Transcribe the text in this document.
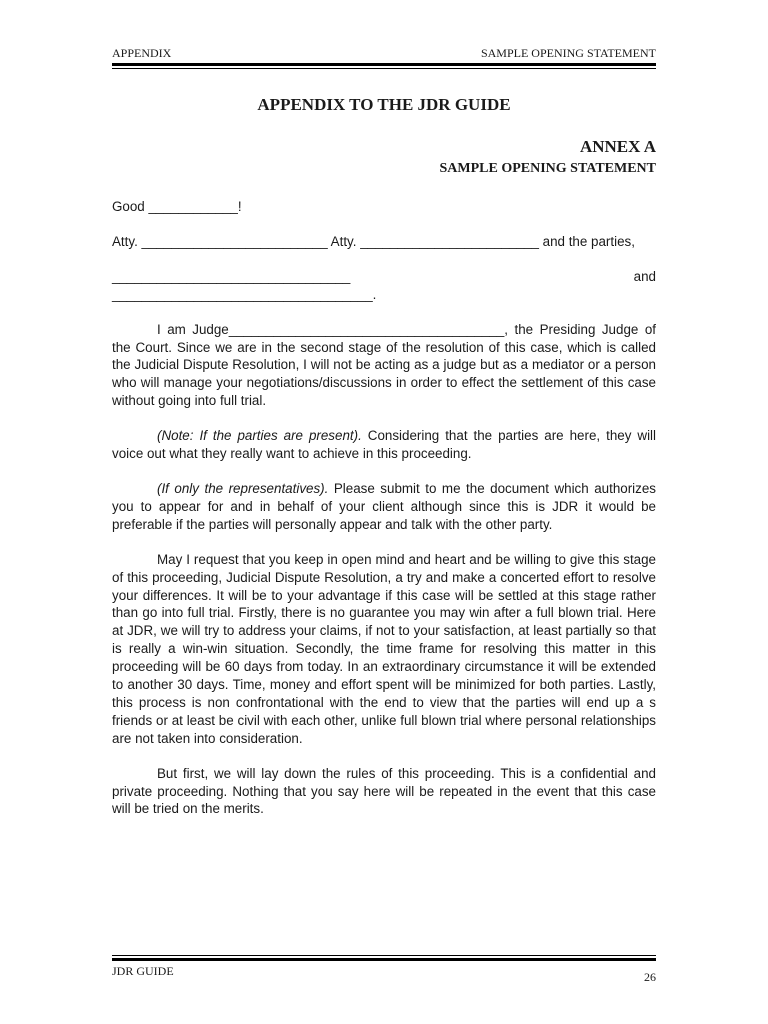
APPENDIX	SAMPLE OPENING STATEMENT
APPENDIX TO THE JDR GUIDE
ANNEX A
SAMPLE OPENING STATEMENT

Good ____________!

Atty. _________________________ Atty. ________________________ and the parties,

________________________________	and

___________________________________.

I am Judge_____________________________________, the Presiding Judge of the Court. Since we are in the second stage of the resolution of this case, which is called the Judicial Dispute Resolution, I will not be acting as a judge but as a mediator or a person who will manage your negotiations/discussions in order to effect the settlement of this case without going into full trial.

(Note: If the parties are present). Considering that the parties are here, they will voice out what they really want to achieve in this proceeding.

(If only the representatives). Please submit to me the document which authorizes you to appear for and in behalf of your client although since this is JDR it would be preferable if the parties will personally appear and talk with the other party.

May I request that you keep in open mind and heart and be willing to give this stage of this proceeding, Judicial Dispute Resolution, a try and make a concerted effort to resolve your differences. It will be to your advantage if this case will be settled at this stage rather than go into full trial. Firstly, there is no guarantee you may win after a full blown trial. Here at JDR, we will try to address your claims, if not to your satisfaction, at least partially so that is really a win-win situation. Secondly, the time frame for resolving this matter in this proceeding will be 60 days from today. In an extraordinary circumstance it will be extended to another 30 days. Time, money and effort spent will be minimized for both parties. Lastly, this process is non confrontational with the end to view that the parties will end up a s friends or at least be civil with each other, unlike full blown trial where personal relationships are not taken into consideration.

But first, we will lay down the rules of this proceeding. This is a confidential and private proceeding. Nothing that you say here will be repeated in the event that this case will be tried on the merits.

JDR GUIDE	26
